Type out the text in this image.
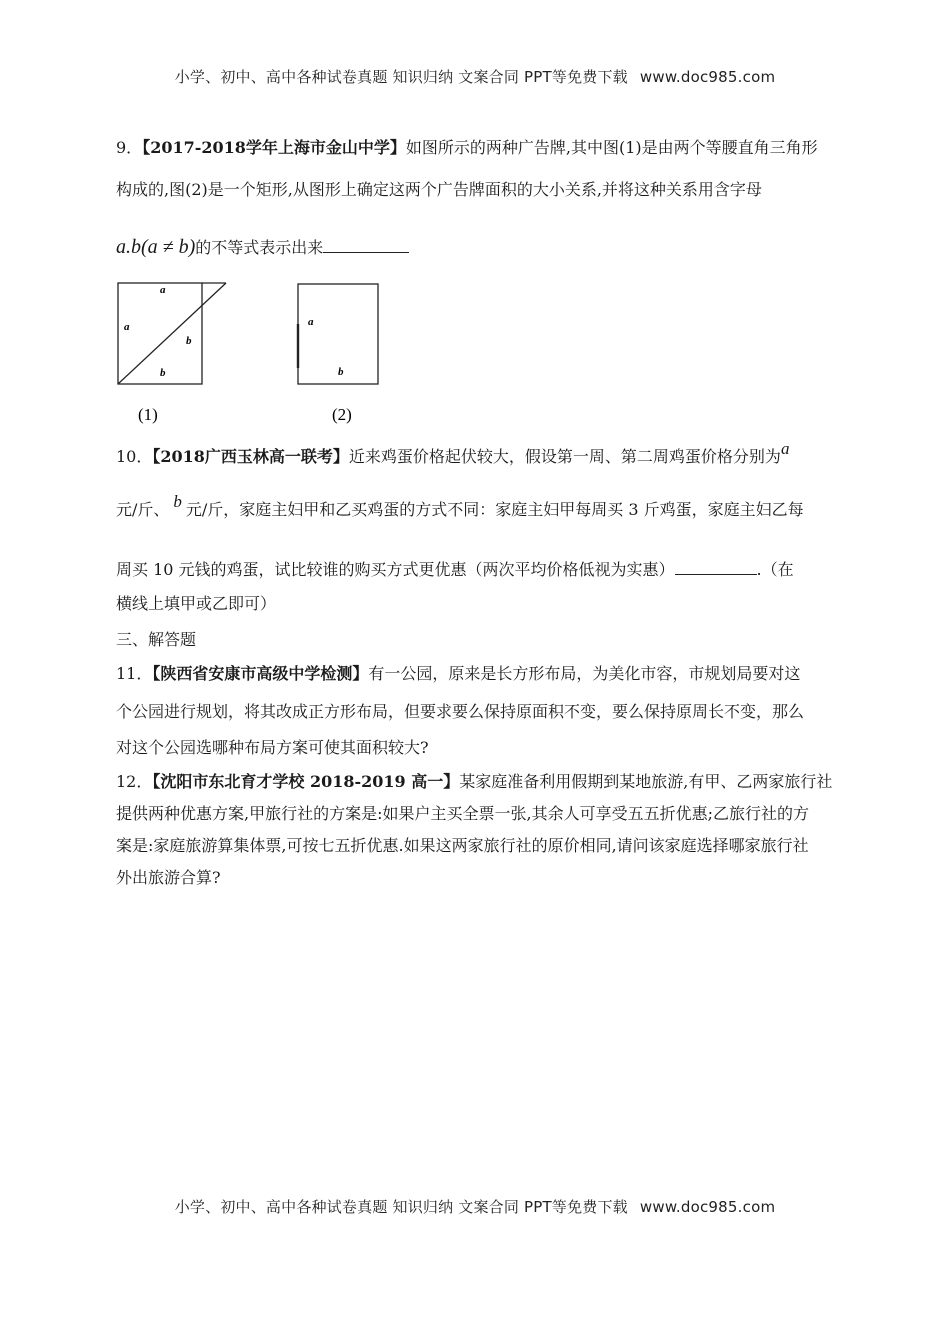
小学、初中、高中各种试卷真题 知识归纳 文案合同 PPT等免费下载 www.doc985.com
9．【2017-2018学年上海市金山中学】如图所示的两种广告牌,其中图(1)是由两个等腰直角三角形
构成的,图(2)是一个矩形,从图形上确定这两个广告牌面积的大小关系,并将这种关系用含字母
a.b(a ≠ b)的不等式表示出来
a
a
b
b
(1)
a
b
(2)
10．【2018广西玉林高一联考】近来鸡蛋价格起伏较大，假设第一周、第二周鸡蛋价格分别为a
元/斤、 b 元/斤，家庭主妇甲和乙买鸡蛋的方式不同：家庭主妇甲每周买 3 斤鸡蛋，家庭主妇乙每
周买 10 元钱的鸡蛋，试比较谁的购买方式更优惠（两次平均价格低视为实惠）	.（在
横线上填甲或乙即可）
三、解答题
11．【陕西省安康市高级中学检测】有一公园，原来是长方形布局，为美化市容，市规划局要对这
个公园进行规划，将其改成正方形布局，但要求要么保持原面积不变，要么保持原周长不变，那么
对这个公园选哪种布局方案可使其面积较大?
12．【沈阳市东北育才学校 2018-2019 高一】某家庭准备利用假期到某地旅游,有甲、乙两家旅行社
提供两种优惠方案,甲旅行社的方案是:如果户主买全票一张,其余人可享受五五折优惠;乙旅行社的方
案是:家庭旅游算集体票,可按七五折优惠.如果这两家旅行社的原价相同,请问该家庭选择哪家旅行社
外出旅游合算?
小学、初中、高中各种试卷真题 知识归纳 文案合同 PPT等免费下载 www.doc985.com
